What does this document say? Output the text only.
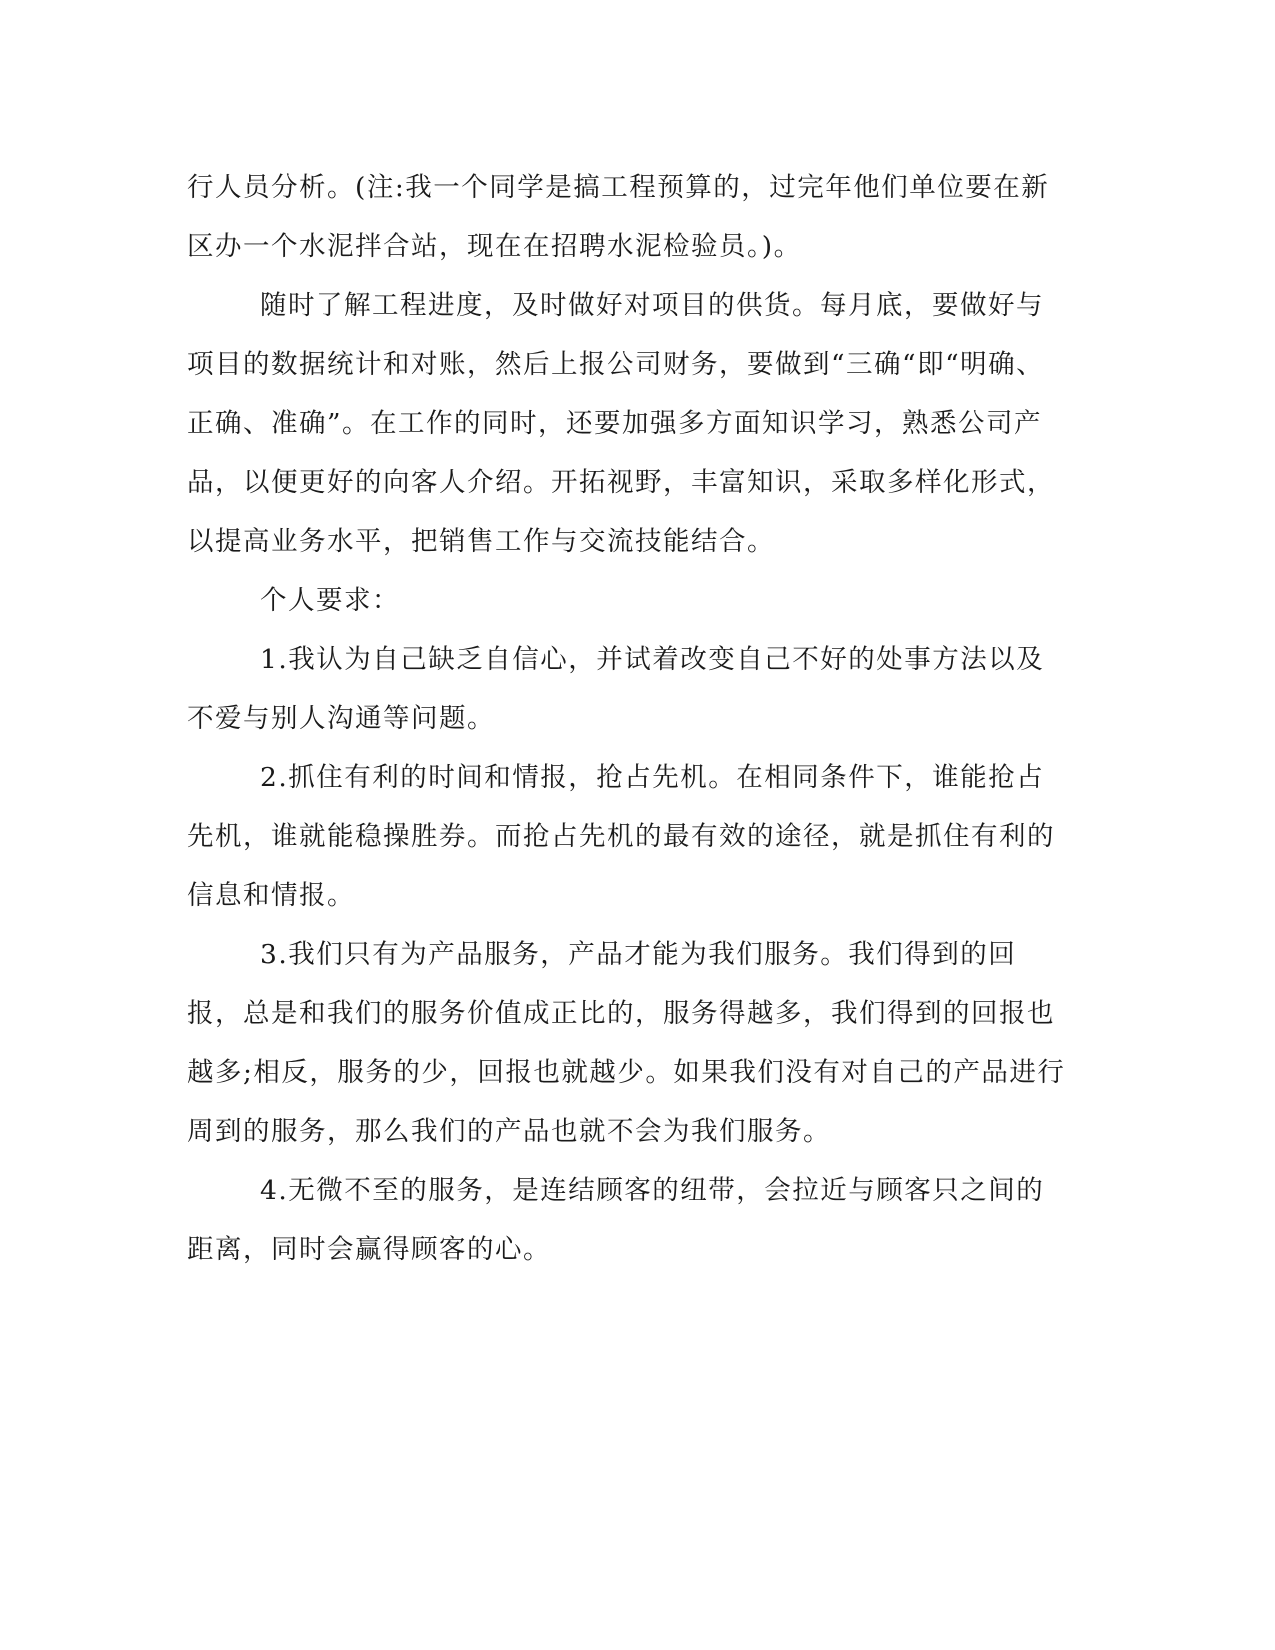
行人员分析。(注:我一个同学是搞工程预算的，过完年他们单位要在新区办一个水泥拌合站，现在在招聘水泥检验员。)。

随时了解工程进度，及时做好对项目的供货。每月底，要做好与项目的数据统计和对账，然后上报公司财务，要做到“三确“即“明确、正确、准确”。在工作的同时，还要加强多方面知识学习，熟悉公司产品，以便更好的向客人介绍。开拓视野，丰富知识，采取多样化形式，以提高业务水平，把销售工作与交流技能结合。

个人要求：

1.我认为自己缺乏自信心，并试着改变自己不好的处事方法以及不爱与别人沟通等问题。

2.抓住有利的时间和情报，抢占先机。在相同条件下，谁能抢占先机，谁就能稳操胜券。而抢占先机的最有效的途径，就是抓住有利的信息和情报。

3.我们只有为产品服务，产品才能为我们服务。我们得到的回报，总是和我们的服务价值成正比的，服务得越多，我们得到的回报也越多;相反，服务的少，回报也就越少。如果我们没有对自己的产品进行周到的服务，那么我们的产品也就不会为我们服务。

4.无微不至的服务，是连结顾客的纽带，会拉近与顾客只之间的距离，同时会赢得顾客的心。
